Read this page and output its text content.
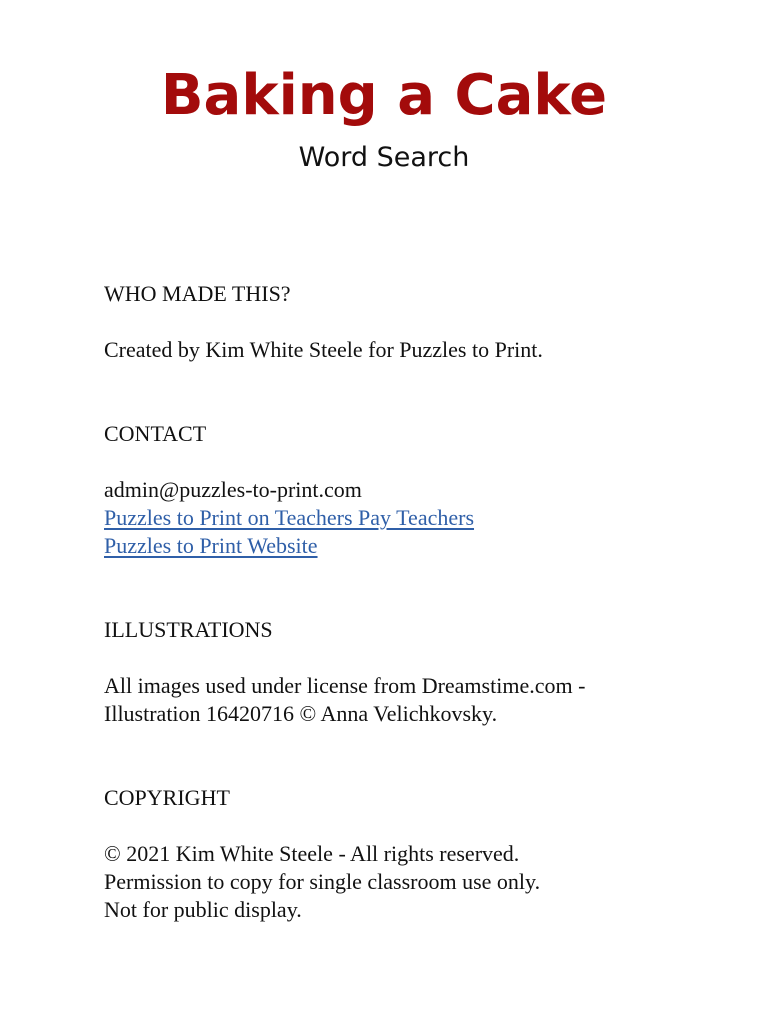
Baking a Cake
Word Search

WHO MADE THIS?

Created by Kim White Steele for Puzzles to Print.

CONTACT

admin@puzzles-to-print.com
Puzzles to Print on Teachers Pay Teachers
Puzzles to Print Website

ILLUSTRATIONS

All images used under license from Dreamstime.com -
Illustration 16420716 © Anna Velichkovsky.

COPYRIGHT

© 2021 Kim White Steele - All rights reserved.
Permission to copy for single classroom use only.
Not for public display.
